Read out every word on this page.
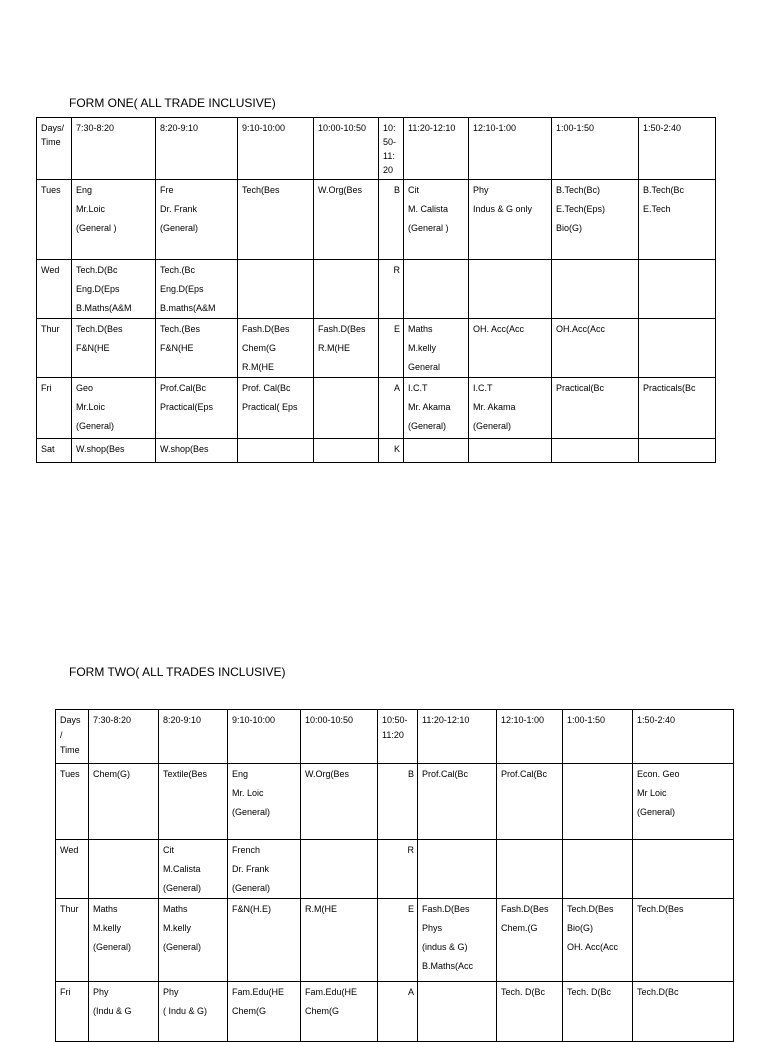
FORM ONE( ALL TRADE INCLUSIVE)
Days/ Time	7:30-8:20	8:20-9:10	9:10-10:00	10:00-10:50	10: 50- 11: 20	11:20-12:10	12:10-1:00	1:00-1:50	1:50-2:40
Tues	Eng
Mr.Loic
(General )	Fre
Dr. Frank
(General)	Tech(Bes	W.Org(Bes	B	Cit
M. Calista
(General )	Phy
Indus & G only	B.Tech(Bc)
E.Tech(Eps)
Bio(G)	B.Tech(Bc
E.Tech

Wed	Tech.D(Bc
Eng.D(Eps
B.Maths(A&M	Tech.(Bc
Eng.D(Eps
B.maths(A&M			R				

Thur	Tech.D(Bes
F&N(HE	Tech.(Bes
F&N(HE	Fash.D(Bes
Chem(G
R.M(HE	Fash.D(Bes
R.M(HE	E	Maths
M.kelly
General	OH. Acc(Acc	OH.Acc(Acc	

Fri	Geo
Mr.Loic
(General)	Prof.Cal(Bc
Practical(Eps	Prof. Cal(Bc
Practical( Eps		A	I.C.T
Mr. Akama
(General)	I.C.T
Mr. Akama
(General)	Practical(Bc	Practicals(Bc

Sat	W.shop(Bes	W.shop(Bes			K				

FORM TWO( ALL TRADES INCLUSIVE)
Days / Time	7:30-8:20	8:20-9:10	9:10-10:00	10:00-10:50	10:50- 11:20	11:20-12:10	12:10-1:00	1:00-1:50	1:50-2:40
Tues	Chem(G)	Textile(Bes	Eng
Mr. Loic
(General)	W.Org(Bes	B	Prof.Cal(Bc	Prof.Cal(Bc		Econ. Geo
Mr Loic
(General)

Wed		Cit
M.Calista
(General)	French
Dr. Frank
(General)		R				

Thur	Maths
M.kelly
(General)	Maths
M.kelly
(General)	F&N(H.E)	R.M(HE	E	Fash.D(Bes
Phys
(indus & G)
B.Maths(Acc	Fash.D(Bes
Chem.(G	Tech.D(Bes
Bio(G)
OH. Acc(Acc	Tech.D(Bes

Fri	Phy
(Indu & G	Phy
( Indu & G)	Fam.Edu(HE
Chem(G	Fam.Edu(HE
Chem(G	A		Tech. D(Bc	Tech. D(Bc	Tech.D(Bc
